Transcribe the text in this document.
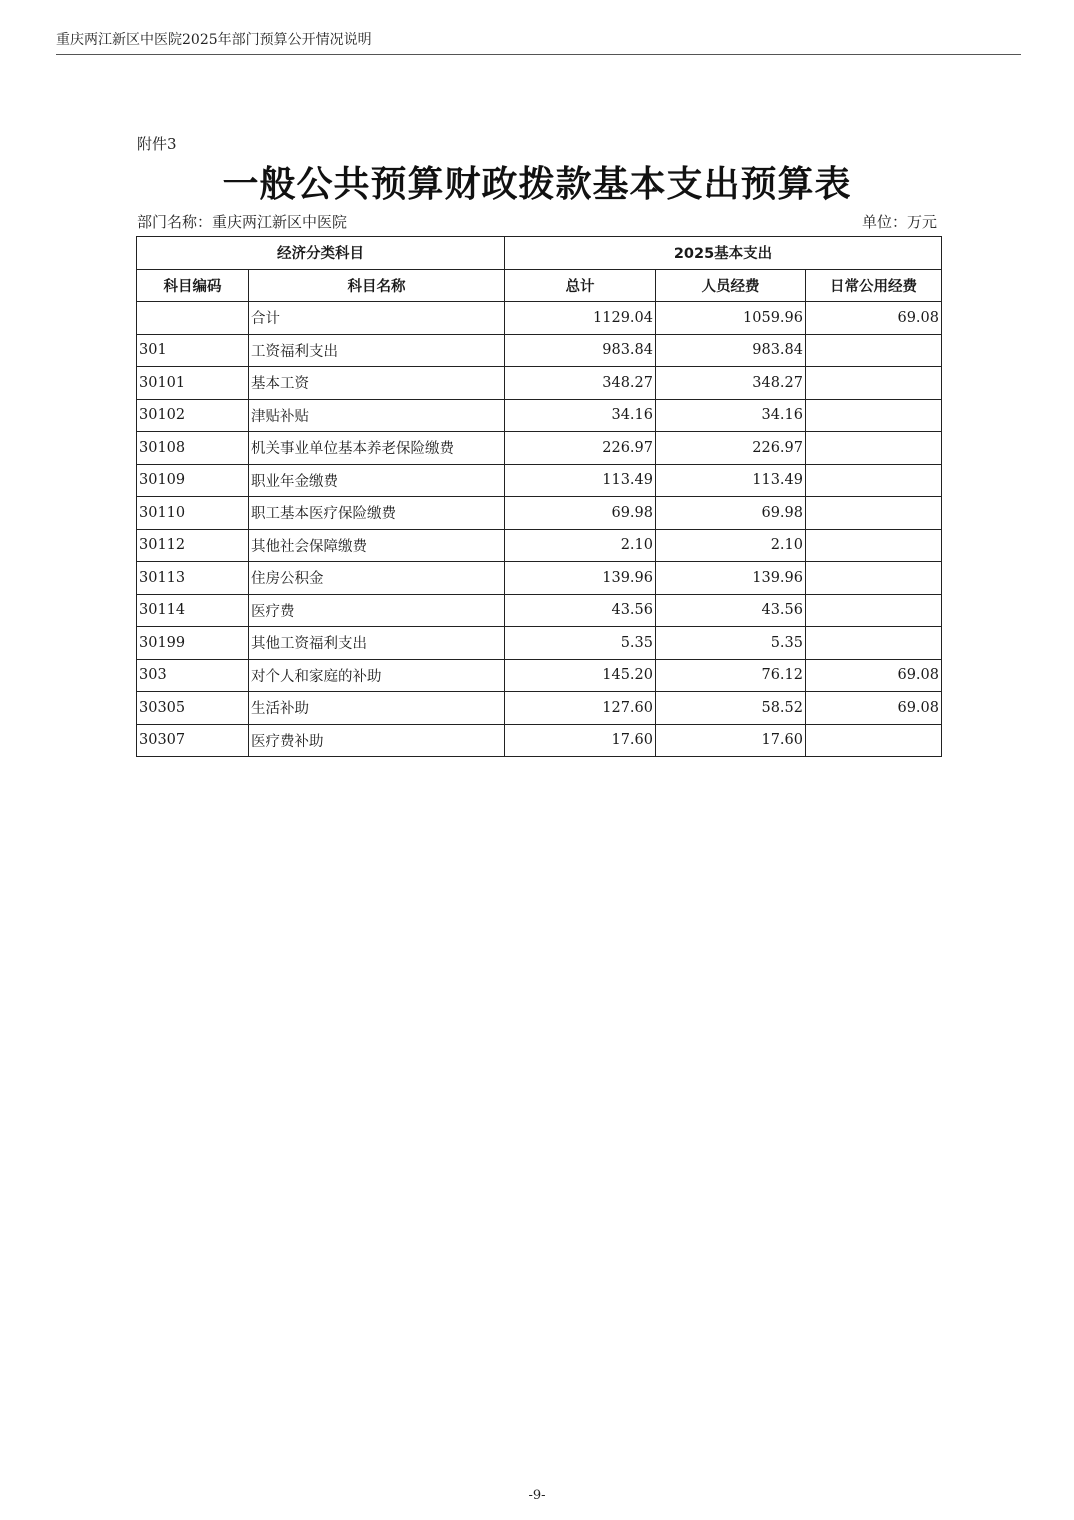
重庆两江新区中医院2025年部门预算公开情况说明
附件3
一般公共预算财政拨款基本支出预算表
部门名称：重庆两江新区中医院	单位：万元
经济分类科目		2025基本支出		
科目编码	科目名称	总计	人员经费	日常公用经费
	合计	1129.04	1059.96	69.08
301	工资福利支出	983.84	983.84	
30101	基本工资	348.27	348.27	
30102	津贴补贴	34.16	34.16	
30108	机关事业单位基本养老保险缴费	226.97	226.97	
30109	职业年金缴费	113.49	113.49	
30110	职工基本医疗保险缴费	69.98	69.98	
30112	其他社会保障缴费	2.10	2.10	
30113	住房公积金	139.96	139.96	
30114	医疗费	43.56	43.56	
30199	其他工资福利支出	5.35	5.35	
303	对个人和家庭的补助	145.20	76.12	69.08
30305	生活补助	127.60	58.52	69.08
30307	医疗费补助	17.60	17.60	
-9-
